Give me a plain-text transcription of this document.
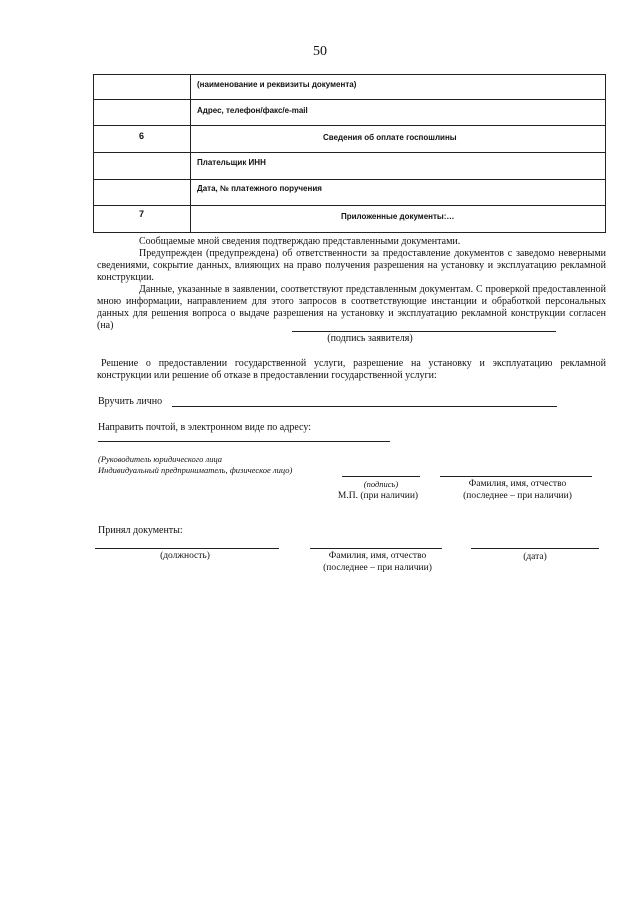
50
(наименование и реквизиты документа)
Адрес, телефон/факс/e-mail
6	Сведения об оплате госпошлины
Плательщик ИНН
Дата, № платежного поручения
7	Приложенные документы:…
Сообщаемые мной сведения подтверждаю представленными документами.
Предупрежден (предупреждена) об ответственности за предоставление документов с заведомо неверными сведениями, сокрытие данных, влияющих на право получения разрешения на установку и эксплуатацию рекламной конструкции.
Данные, указанные в заявлении, соответствуют представленным документам. С проверкой предоставленной мною информации, направлением для этого запросов в соответствующие инстанции и обработкой персональных данных для решения вопроса о выдаче разрешения на установку и эксплуатацию рекламной конструкции согласен (на)
(подпись заявителя)
Решение о предоставлении государственной услуги, разрешение на установку и эксплуатацию рекламной конструкции или решение об отказе в предоставлении государственной услуги:
Вручить лично
Направить почтой, в электронном виде по адресу:
(Руководитель юридического лица
Индивидуальный предприниматель, физическое лицо)
(подпись)	Фамилия, имя, отчество
М.П. (при наличии)	(последнее – при наличии)
Принял документы:
(должность)	Фамилия, имя, отчество
(последнее – при наличии)
(дата)
